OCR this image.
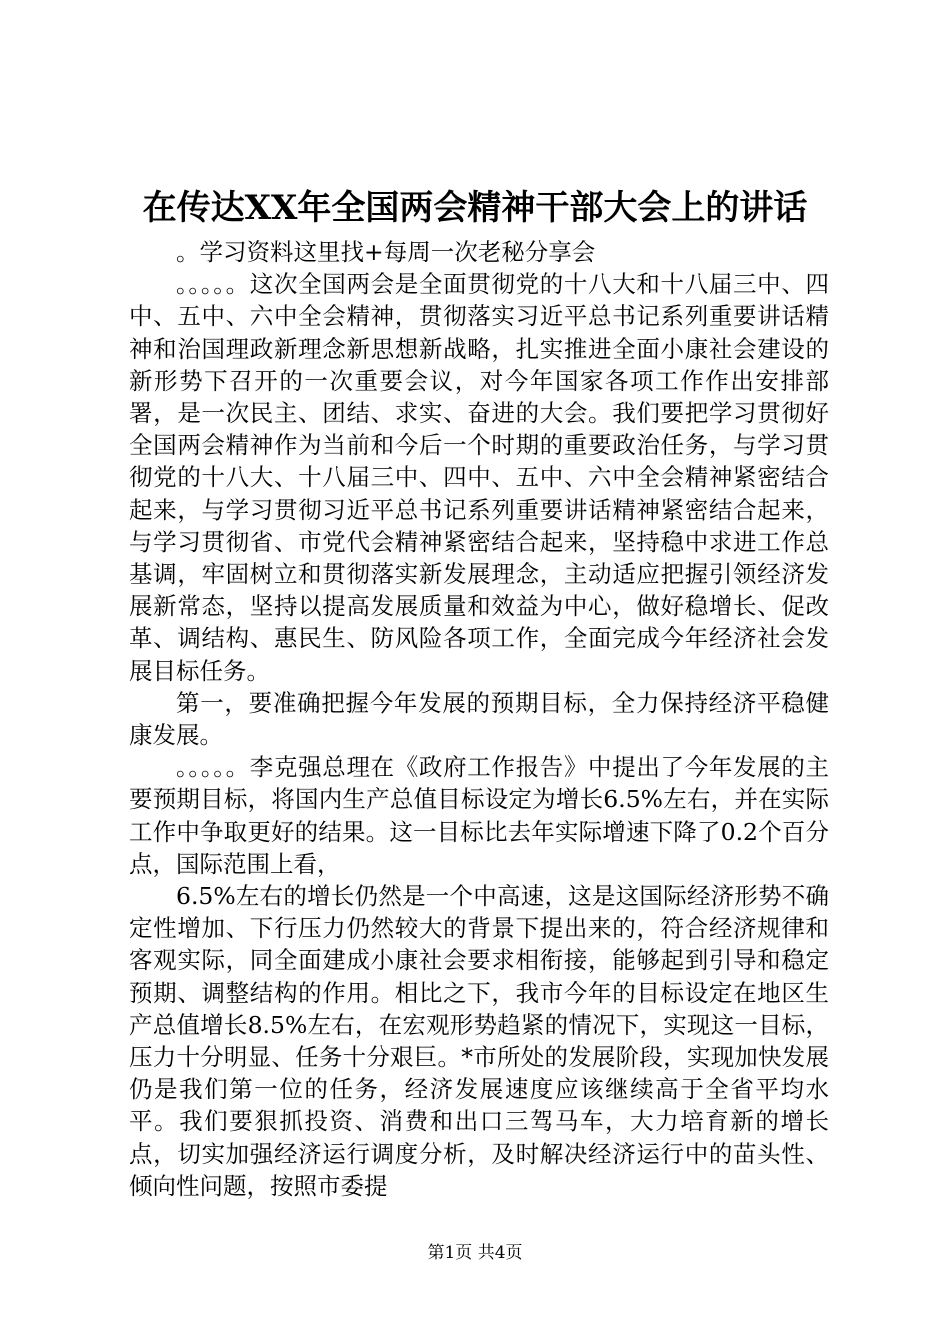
在传达XX年全国两会精神干部大会上的讲话

。学习资料这里找+每周一次老秘分享会

。。。。。这次全国两会是全面贯彻党的十八大和十八届三中、四中、五中、六中全会精神，贯彻落实习近平总书记系列重要讲话精神和治国理政新理念新思想新战略，扎实推进全面小康社会建设的新形势下召开的一次重要会议，对今年国家各项工作作出安排部署，是一次民主、团结、求实、奋进的大会。我们要把学习贯彻好全国两会精神作为当前和今后一个时期的重要政治任务，与学习贯彻党的十八大、十八届三中、四中、五中、六中全会精神紧密结合起来，与学习贯彻习近平总书记系列重要讲话精神紧密结合起来，与学习贯彻省、市党代会精神紧密结合起来，坚持稳中求进工作总基调，牢固树立和贯彻落实新发展理念，主动适应把握引领经济发展新常态，坚持以提高发展质量和效益为中心，做好稳增长、促改革、调结构、惠民生、防风险各项工作，全面完成今年经济社会发展目标任务。

第一，要准确把握今年发展的预期目标，全力保持经济平稳健康发展。

。。。。。李克强总理在《政府工作报告》中提出了今年发展的主要预期目标，将国内生产总值目标设定为增长6.5%左右，并在实际工作中争取更好的结果。这一目标比去年实际增速下降了0.2个百分点，国际范围上看，

6.5%左右的增长仍然是一个中高速，这是这国际经济形势不确定性增加、下行压力仍然较大的背景下提出来的，符合经济规律和客观实际，同全面建成小康社会要求相衔接，能够起到引导和稳定预期、调整结构的作用。相比之下，我市今年的目标设定在地区生产总值增长8.5%左右，在宏观形势趋紧的情况下，实现这一目标，压力十分明显、任务十分艰巨。*市所处的发展阶段，实现加快发展仍是我们第一位的任务，经济发展速度应该继续高于全省平均水平。我们要狠抓投资、消费和出口三驾马车，大力培育新的增长点，切实加强经济运行调度分析，及时解决经济运行中的苗头性、倾向性问题，按照市委提

第1页 共4页
